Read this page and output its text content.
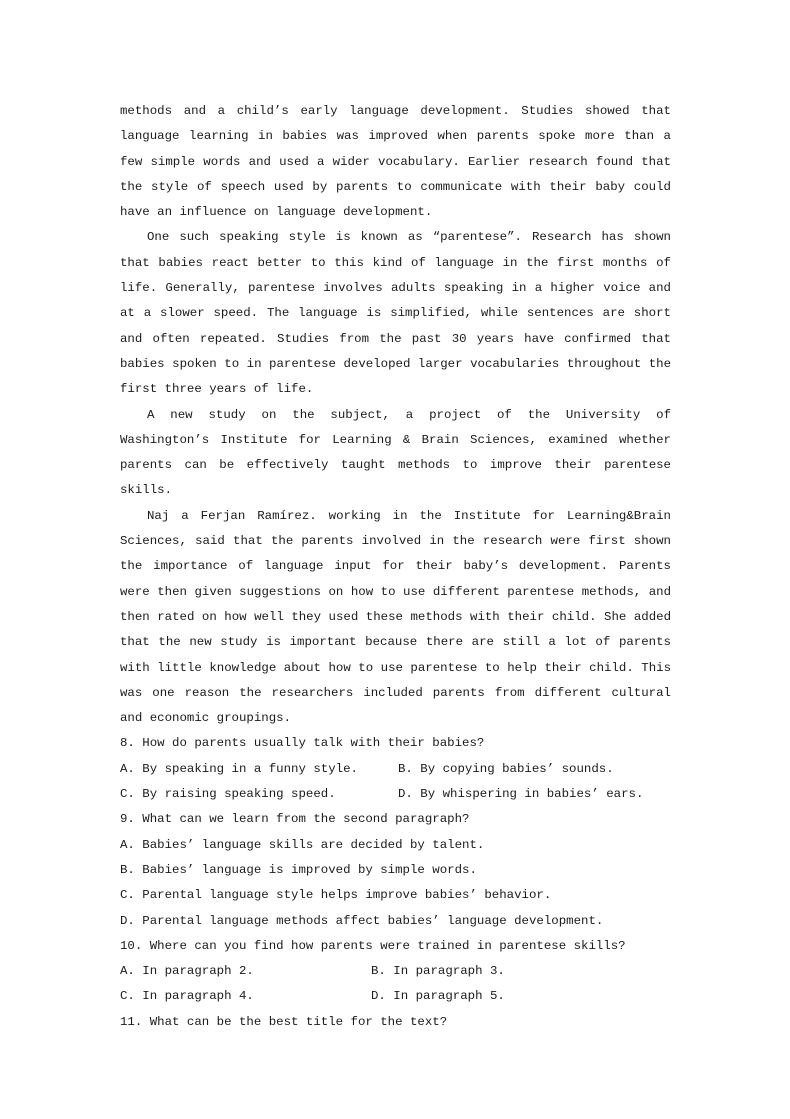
methods and a child’s early language development. Studies showed that language learning in babies was improved when parents spoke more than a few simple words and used a wider vocabulary. Earlier research found that the style of speech used by parents to communicate with their baby could have an influence on language development.

One such speaking style is known as “parentese”. Research has shown that babies react better to this kind of language in the first months of life. Generally, parentese involves adults speaking in a higher voice and at a slower speed. The language is simplified, while sentences are short and often repeated. Studies from the past 30 years have confirmed that babies spoken to in parentese developed larger vocabularies throughout the first three years of life.

A new study on the subject, a project of the University of Washington’s Institute for Learning & Brain Sciences, examined whether parents can be effectively taught methods to improve their parentese skills.

Naj a Ferjan Ramírez. working in the Institute for Learning&Brain Sciences, said that the parents involved in the research were first shown the importance of language input for their baby’s development. Parents were then given suggestions on how to use different parentese methods, and then rated on how well they used these methods with their child. She added that the new study is important because there are still a lot of parents with little knowledge about how to use parentese to help their child. This was one reason the researchers included parents from different cultural and economic groupings.

8. How do parents usually talk with their babies?

A. By speaking in a funny style.	B. By copying babies’ sounds.
C. By raising speaking speed.	D. By whispering in babies’ ears.

9. What can we learn from the second paragraph?

A. Babies’ language skills are decided by talent.

B. Babies’ language is improved by simple words.

C. Parental language style helps improve babies’ behavior.

D. Parental language methods affect babies’ language development.

10. Where can you find how parents were trained in parentese skills?

A. In paragraph 2.	B. In paragraph 3.
C. In paragraph 4.	D. In paragraph 5.

11. What can be the best title for the text?
